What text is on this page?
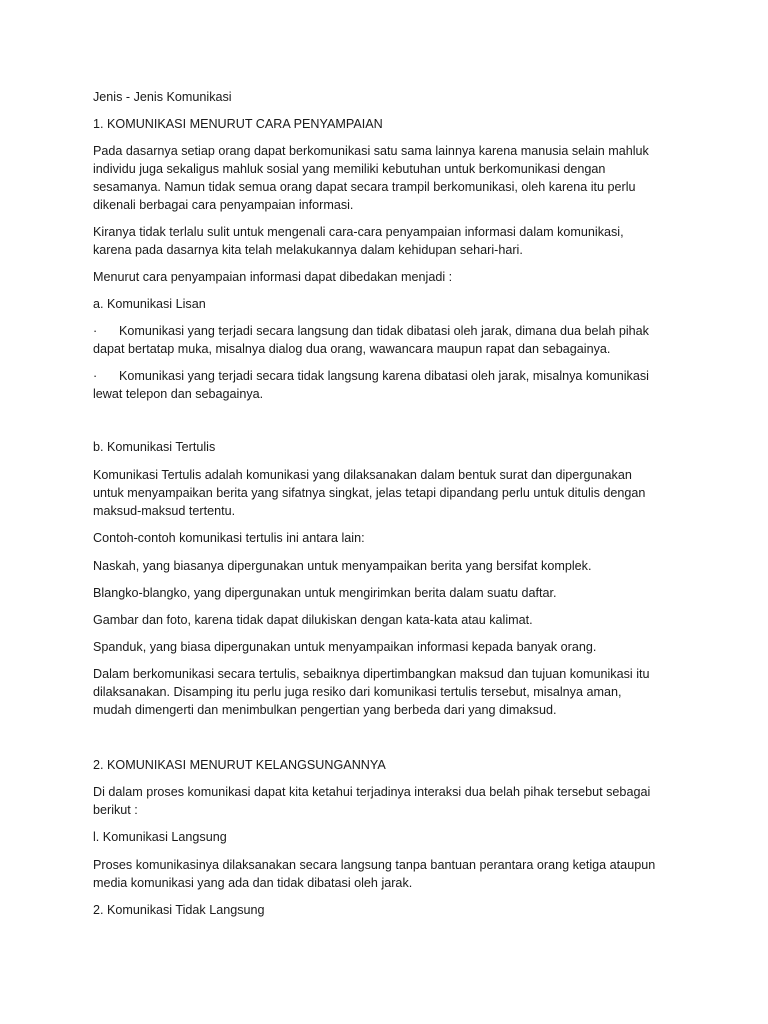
Jenis - Jenis Komunikasi
1. KOMUNIKASI MENURUT CARA PENYAMPAIAN
Pada dasarnya setiap orang dapat berkomunikasi satu sama lainnya karena manusia selain mahluk
individu juga sekaligus mahluk sosial yang memiliki kebutuhan untuk berkomunikasi dengan
sesamanya. Namun tidak semua orang dapat secara trampil berkomunikasi, oleh karena itu perlu
dikenali berbagai cara penyampaian informasi.
Kiranya tidak terlalu sulit untuk mengenali cara-cara penyampaian informasi dalam komunikasi,
karena pada dasarnya kita telah melakukannya dalam kehidupan sehari-hari.
Menurut cara penyampaian informasi dapat dibedakan menjadi :
a. Komunikasi Lisan
· Komunikasi yang terjadi secara langsung dan tidak dibatasi oleh jarak, dimana dua belah pihak
dapat bertatap muka, misalnya dialog dua orang, wawancara maupun rapat dan sebagainya.
· Komunikasi yang terjadi secara tidak langsung karena dibatasi oleh jarak, misalnya komunikasi
lewat telepon dan sebagainya.
b. Komunikasi Tertulis
Komunikasi Tertulis adalah komunikasi yang dilaksanakan dalam bentuk surat dan dipergunakan
untuk menyampaikan berita yang sifatnya singkat, jelas tetapi dipandang perlu untuk ditulis dengan
maksud-maksud tertentu.
Contoh-contoh komunikasi tertulis ini antara lain:
Naskah, yang biasanya dipergunakan untuk menyampaikan berita yang bersifat komplek.
Blangko-blangko, yang dipergunakan untuk mengirimkan berita dalam suatu daftar.
Gambar dan foto, karena tidak dapat dilukiskan dengan kata-kata atau kalimat.
Spanduk, yang biasa dipergunakan untuk menyampaikan informasi kepada banyak orang.
Dalam berkomunikasi secara tertulis, sebaiknya dipertimbangkan maksud dan tujuan komunikasi itu
dilaksanakan. Disamping itu perlu juga resiko dari komunikasi tertulis tersebut, misalnya aman,
mudah dimengerti dan menimbulkan pengertian yang berbeda dari yang dimaksud.
2. KOMUNIKASI MENURUT KELANGSUNGANNYA
Di dalam proses komunikasi dapat kita ketahui terjadinya interaksi dua belah pihak tersebut sebagai
berikut :
l. Komunikasi Langsung
Proses komunikasinya dilaksanakan secara langsung tanpa bantuan perantara orang ketiga ataupun
media komunikasi yang ada dan tidak dibatasi oleh jarak.
2. Komunikasi Tidak Langsung
